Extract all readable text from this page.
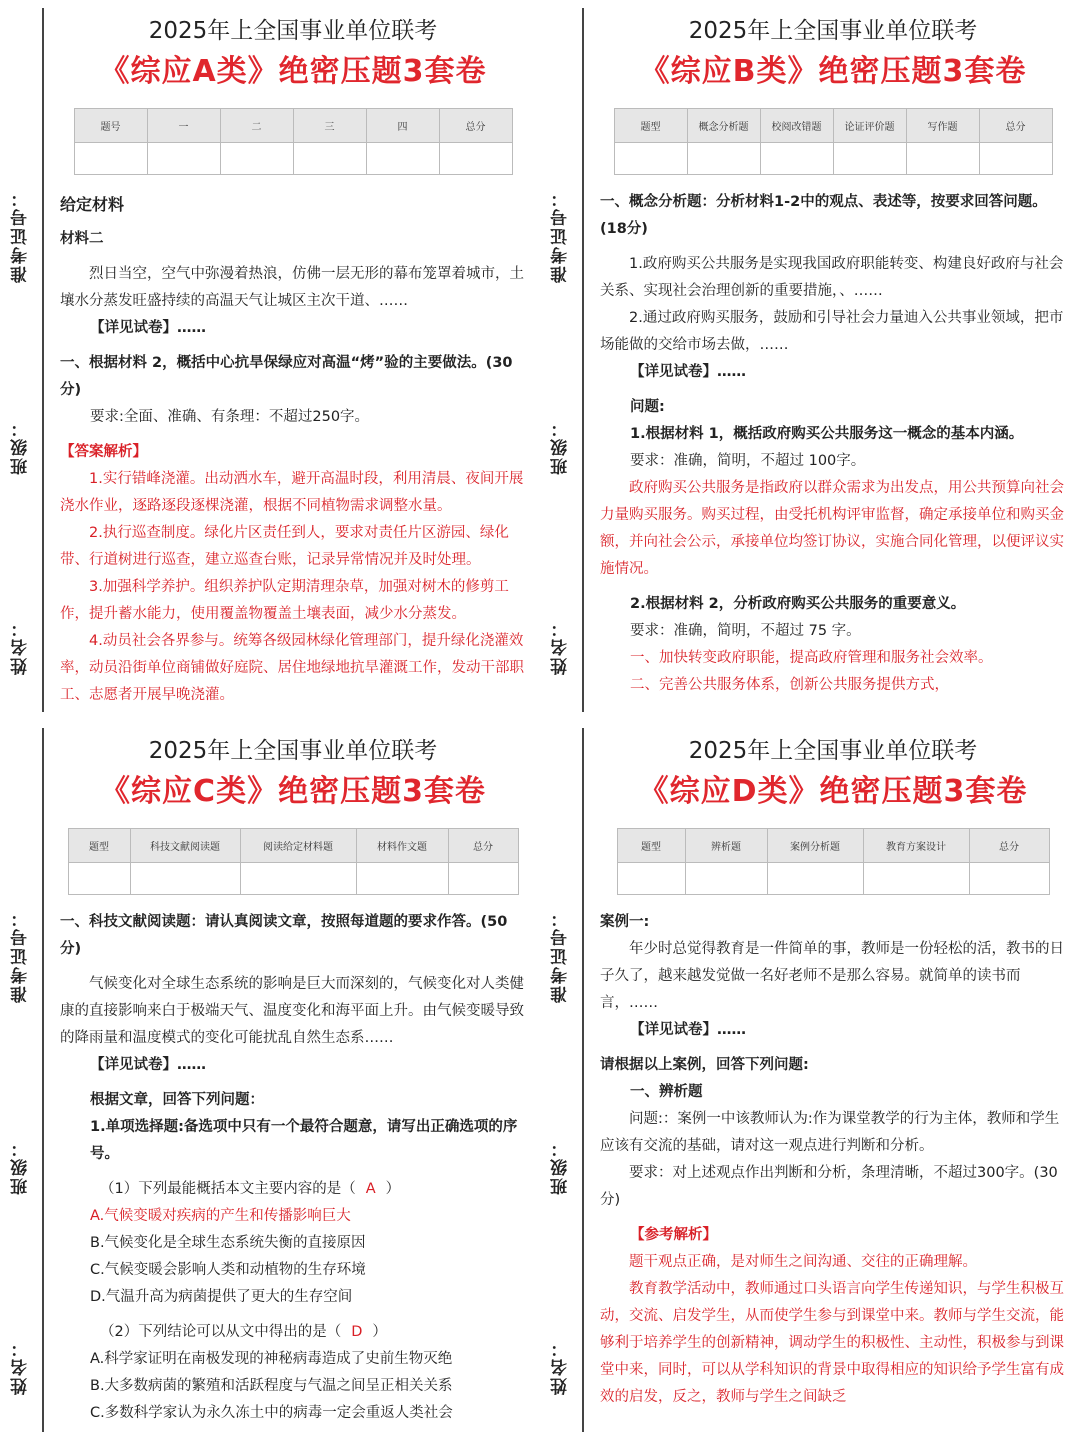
准考证号：
班级：
姓名：
2025年上全国事业单位联考
《综应A类》绝密压题3套卷
题号	一	二	三	四	总分

给定材料

材料二

烈日当空，空气中弥漫着热浪，仿佛一层无形的幕布笼罩着城市，土壤水分蒸发旺盛持续的高温天气让城区主次干道、……

【详见试卷】……

一、根据材料 2，概括中心抗旱保绿应对高温“烤”验的主要做法。(30分)

要求:全面、准确、有条理：不超过250字。

【答案解析】

1.实行错峰浇灌。出动洒水车，避开高温时段，利用清晨、夜间开展浇水作业，逐路逐段逐棵浇灌，根据不同植物需求调整水量。

2.执行巡查制度。绿化片区责任到人，要求对责任片区游园、绿化带、行道树进行巡查，建立巡查台账，记录异常情况并及时处理。

3.加强科学养护。组织养护队定期清理杂草，加强对树木的修剪工作，提升蓄水能力，使用覆盖物覆盖土壤表面，减少水分蒸发。

4.动员社会各界参与。统筹各级园林绿化管理部门，提升绿化浇灌效率，动员沿街单位商铺做好庭院、居住地绿地抗旱灌溉工作，发动干部职工、志愿者开展早晚浇灌。

准考证号：
班级：
姓名：
2025年上全国事业单位联考
《综应B类》绝密压题3套卷
题型	概念分析题	校阅改错题	论证评价题	写作题	总分

一、概念分析题：分析材料1-2中的观点、表述等，按要求回答问题。(18分)

1.政府购买公共服务是实现我国政府职能转变、构建良好政府与社会关系、实现社会治理创新的重要措施，、……

2.通过政府购买服务，鼓励和引导社会力量迪入公共事业领域，把市场能做的交给市场去做，……

【详见试卷】……

问题:

1.根据材料 1，概括政府购买公共服务这一概念的基本内涵。

要求：准确，简明，不超过 100字。

政府购买公共服务是指政府以群众需求为出发点，用公共预算向社会力量购买服务。购买过程，由受托机构评审监督，确定承接单位和购买金额，并向社会公示，承接单位均签订协议，实施合同化管理，以便评议实施情况。

2.根据材料 2，分析政府购买公共服务的重要意义。

要求：准确，简明，不超过 75 字。

一、加快转变政府职能，提高政府管理和服务社会效率。

二、完善公共服务体系，创新公共服务提供方式，

准考证号：
班级：
姓名：
2025年上全国事业单位联考
《综应C类》绝密压题3套卷
题型	科技文献阅读题	阅读给定材料题	材料作文题	总分

一、科技文献阅读题：请认真阅读文章，按照每道题的要求作答。(50分)

气候变化对全球生态系统的影响是巨大而深刻的，气候变化对人类健康的直接影响来白于极端天气、温度变化和海平面上升。由气候变暖导致的降雨量和温度模式的变化可能扰乱自然生态系……

【详见试卷】……

根据文章，回答下列问题：

1.单项选择题:备选项中只有一个最符合题意，请写出正确选项的序号。

（1）下列最能概括本文主要内容的是（ A ）

A.气候变暖对疾病的产生和传播影响巨大

B.气候变化是全球生态系统失衡的直接原因

C.气候变暖会影响人类和动植物的生存环境

D.气温升高为病菌提供了更大的生存空间

（2）下列结论可以从文中得出的是（ D ）

A.科学家证明在南极发现的神秘病毒造成了史前生物灭绝

B.大多数病菌的繁殖和活跃程度与气温之间呈正相关关系

C.多数科学家认为永久冻土中的病毒一定会重返人类社会

准考证号：
班级：
姓名：
2025年上全国事业单位联考
《综应D类》绝密压题3套卷
题型	辨析题	案例分析题	教育方案设计	总分

案例一:

年少时总觉得教育是一件简单的事，教师是一份轻松的活，教书的日子久了，越来越发觉做一名好老师不是那么容易。就简单的读书而言，……

【详见试卷】……

请根据以上案例，回答下列问题:

一、辨析题

问题:：案例一中该教师认为:作为课堂教学的行为主体，教师和学生应该有交流的基础，请对这一观点进行判断和分析。

要求：对上述观点作出判断和分析，条理清晰，不超过300字。(30分)

【参考解析】

题干观点正确，是对师生之间沟通、交往的正确理解。

教育教学活动中，教师通过口头语言向学生传递知识，与学生积极互动，交流、启发学生，从而使学生参与到课堂中来。教师与学生交流，能够利于培养学生的创新精神，调动学生的积极性、主动性，积极参与到课堂中来，同时，可以从学科知识的背景中取得相应的知识给予学生富有成效的启发，反之，教师与学生之间缺乏
